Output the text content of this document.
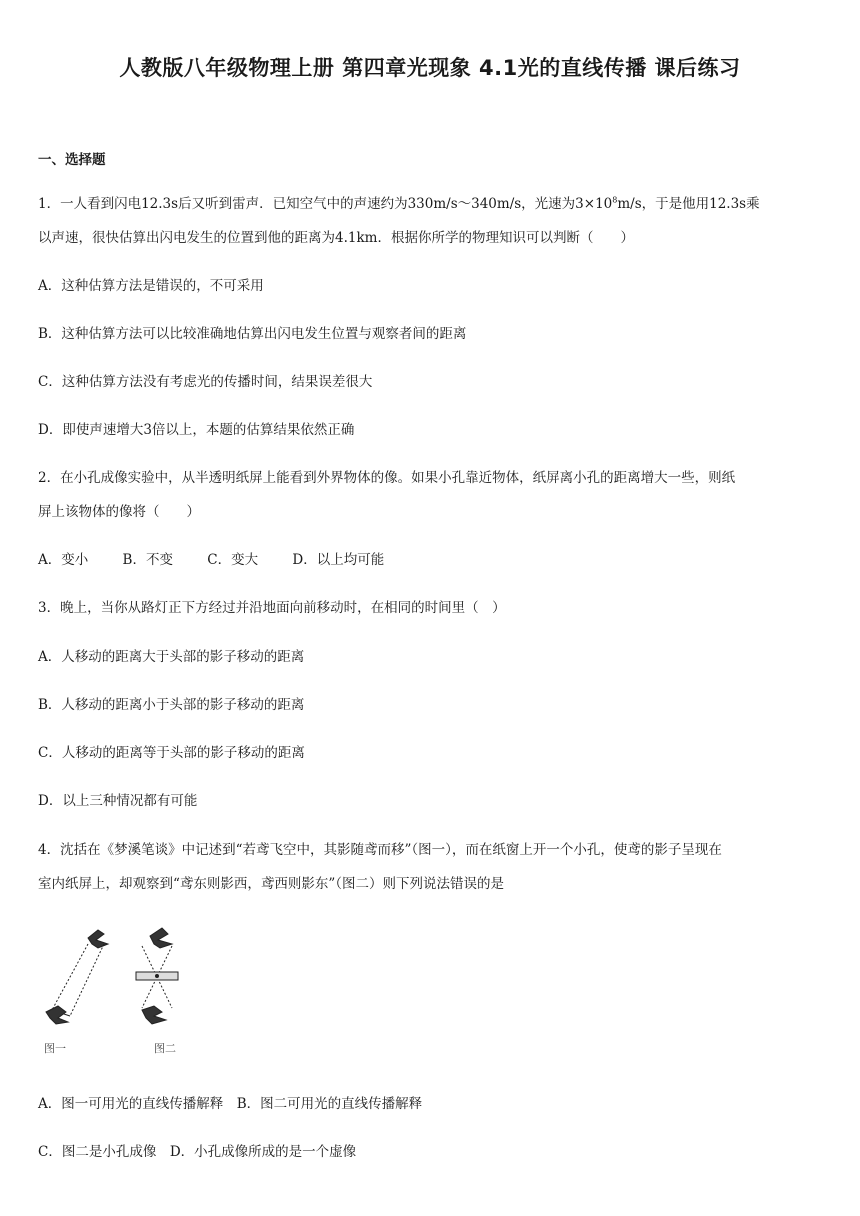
人教版八年级物理上册 第四章光现象 4.1光的直线传播 课后练习
一、选择题
1．一人看到闪电12.3s后又听到雷声．已知空气中的声速约为330m/s～340m/s，光速为$3\times 10^8m/s$，于是他用12.3s乘
以声速，很快估算出闪电发生的位置到他的距离为4.1km．根据你所学的物理知识可以判断（　　）
A．这种估算方法是错误的，不可采用
B．这种估算方法可以比较准确地估算出闪电发生位置与观察者间的距离
C．这种估算方法没有考虑光的传播时间，结果误差很大
D．即使声速增大3倍以上，本题的估算结果依然正确
2．在小孔成像实验中，从半透明纸屏上能看到外界物体的像。如果小孔靠近物体，纸屏离小孔的距离增大一些，则纸
屏上该物体的像将（　　）
A．变小	B．不变	C．变大	D．以上均可能
3．晚上，当你从路灯正下方经过并沿地面向前移动时，在相同的时间里（　）
A．人移动的距离大于头部的影子移动的距离
B．人移动的距离小于头部的影子移动的距离
C．人移动的距离等于头部的影子移动的距离
D．以上三种情况都有可能
4．沈括在《梦溪笔谈》中记述到“若鸢飞空中，其影随鸢而移”（图一），而在纸窗上开一个小孔，使鸢的影子呈现在
室内纸屏上，却观察到“鸢东则影西，鸢西则影东”（图二）则下列说法错误的是
图一	图二
A．图一可用光的直线传播解释　B．图二可用光的直线传播解释
C．图二是小孔成像　D．小孔成像所成的是一个虚像
